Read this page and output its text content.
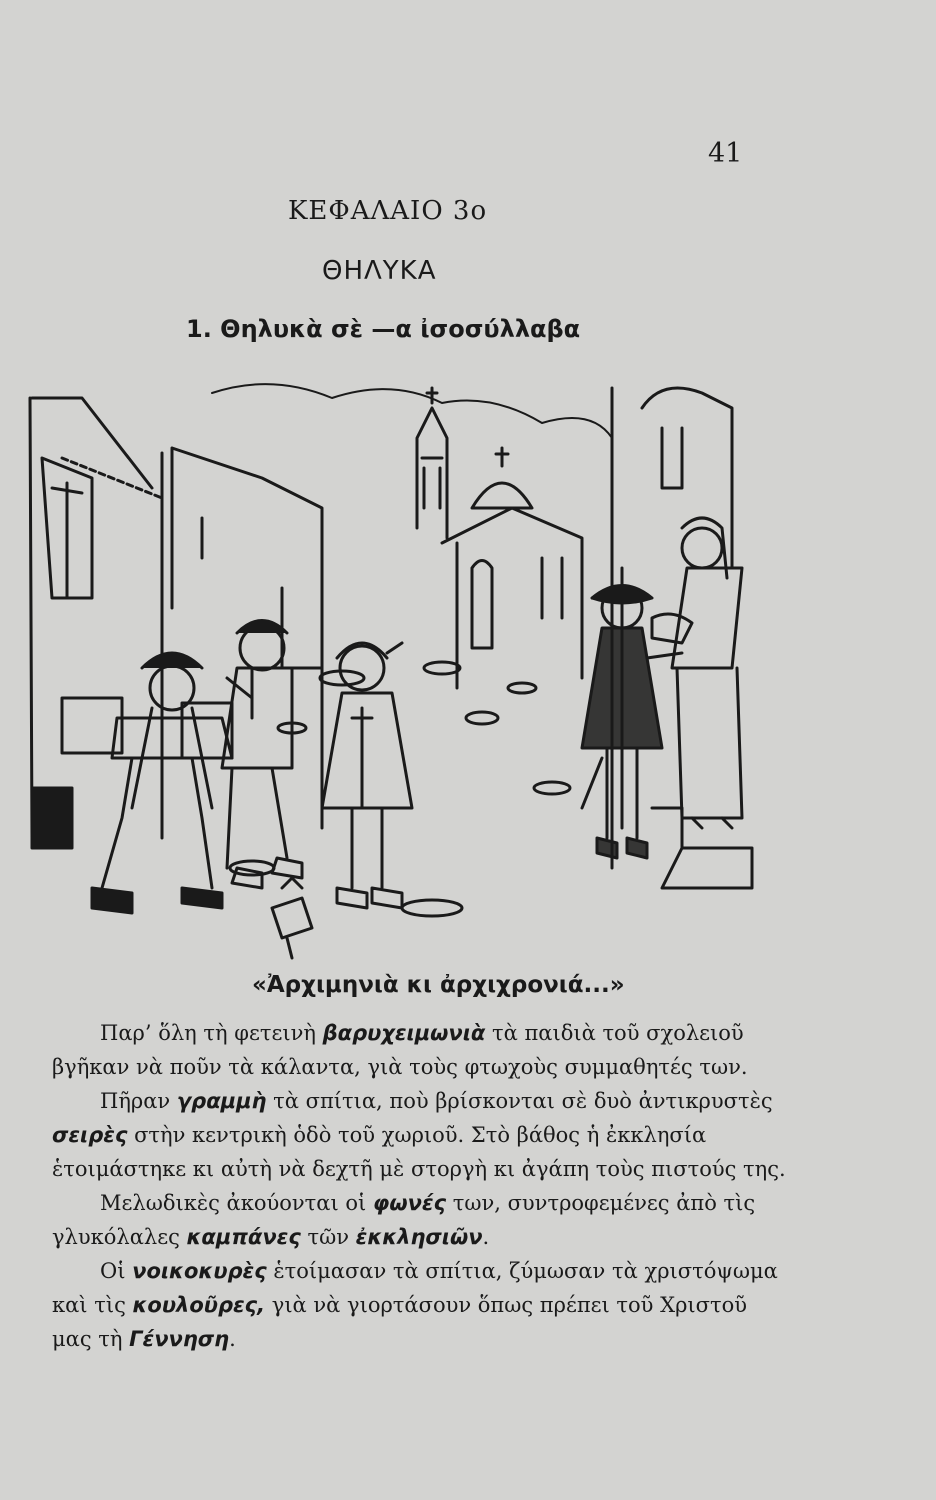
41
ΚΕΦΑΛΑΙΟ 3ο
ΘΗΛΥΚΑ
1. Θηλυκὰ σὲ —α ἰσοσύλλαβα
«Ἀρχιμηνιὰ κι ἀρχιχρονιά...»
Παρ’ ὅλη τὴ φετεινὴ βαρυχειμωνιὰ τὰ παιδιὰ τοῦ σχολειοῦ
βγῆκαν νὰ ποῦν τὰ κάλαντα, γιὰ τοὺς φτωχοὺς συμμαθητές των.
Πῆραν γραμμὴ τὰ σπίτια, ποὺ βρίσκονται σὲ δυὸ ἀντικρυστὲς
σειρὲς στὴν κεντρικὴ ὁδὸ τοῦ χωριοῦ. Στὸ βάθος ἡ ἐκκλησία
ἑτοιμάστηκε κι αὐτὴ νὰ δεχτῆ μὲ στοργὴ κι ἀγάπη τοὺς πιστούς της.
Μελωδικὲς ἀκούονται οἱ φωνές των, συντροφεμένες ἀπὸ τὶς
γλυκόλαλες καμπάνες τῶν ἐκκλησιῶν.
Οἱ νοικοκυρὲς ἑτοίμασαν τὰ σπίτια, ζύμωσαν τὰ χριστόψωμα
καὶ τὶς κουλοῦρες, γιὰ νὰ γιορτάσουν ὅπως πρέπει τοῦ Χριστοῦ
μας τὴ Γέννηση.
